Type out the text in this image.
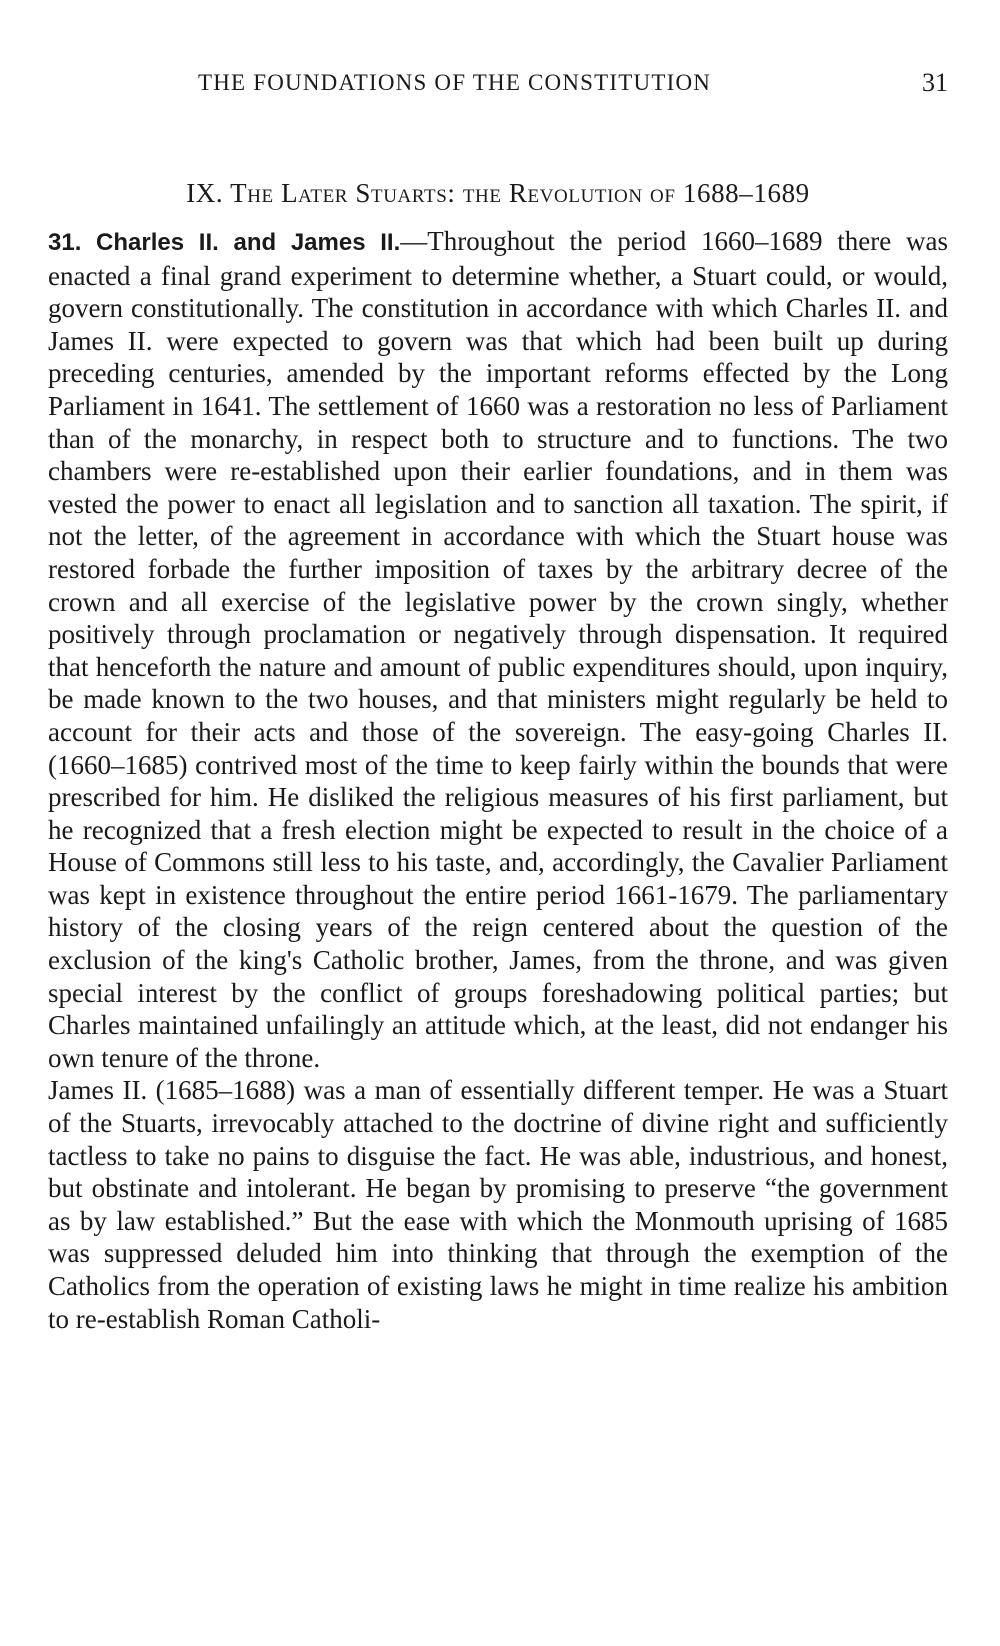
THE FOUNDATIONS OF THE CONSTITUTION	31
IX. The Later Stuarts: the Revolution of 1688–1689

31. Charles II. and James II.—Throughout the period 1660–1689 there was enacted a final grand experiment to determine whether, a Stuart could, or would, govern constitutionally. The constitution in accordance with which Charles II. and James II. were expected to govern was that which had been built up during preceding centuries, amended by the important reforms effected by the Long Parliament in 1641. The settlement of 1660 was a restoration no less of Parliament than of the monarchy, in respect both to structure and to functions. The two chambers were re-established upon their earlier foundations, and in them was vested the power to enact all legislation and to sanction all taxation. The spirit, if not the letter, of the agreement in accordance with which the Stuart house was restored forbade the further imposition of taxes by the arbitrary decree of the crown and all exercise of the legislative power by the crown singly, whether positively through proclamation or negatively through dispensation. It required that henceforth the nature and amount of public expenditures should, upon inquiry, be made known to the two houses, and that ministers might regularly be held to account for their acts and those of the sovereign. The easy-going Charles II. (1660–1685) contrived most of the time to keep fairly within the bounds that were prescribed for him. He disliked the religious measures of his first parliament, but he recognized that a fresh election might be expected to result in the choice of a House of Commons still less to his taste, and, accordingly, the Cavalier Parliament was kept in existence throughout the entire period 1661-1679. The parliamentary history of the closing years of the reign centered about the question of the exclusion of the king's Catholic brother, James, from the throne, and was given special interest by the conflict of groups foreshadowing political parties; but Charles maintained unfailingly an attitude which, at the least, did not endanger his own tenure of the throne.

James II. (1685–1688) was a man of essentially different temper. He was a Stuart of the Stuarts, irrevocably attached to the doctrine of divine right and sufficiently tactless to take no pains to disguise the fact. He was able, industrious, and honest, but obstinate and intolerant. He began by promising to preserve “the government as by law established.” But the ease with which the Monmouth uprising of 1685 was suppressed deluded him into thinking that through the exemption of the Catholics from the operation of existing laws he might in time realize his ambition to re-establish Roman Catholi-
